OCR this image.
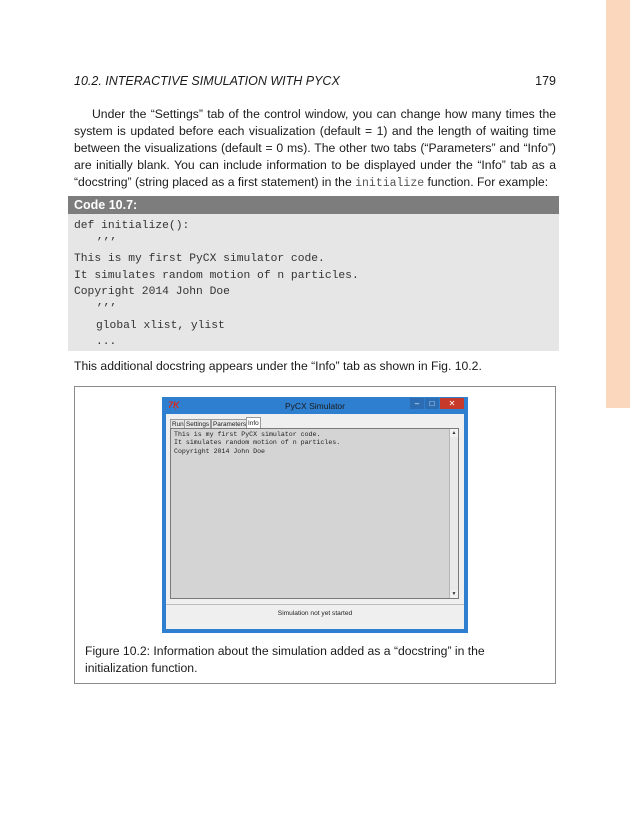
10.2. INTERACTIVE SIMULATION WITH PYCX	179

Under the “Settings” tab of the control window, you can change how many times the system is updated before each visualization (default = 1) and the length of waiting time between the visualizations (default = 0 ms). The other two tabs (“Parameters” and “Info”) are initially blank. You can include information to be displayed under the “Info” tab as a “docstring” (string placed as a first statement) in the initialize function. For example:

Code 10.7:
def initialize():
’’’
This is my first PyCX simulator code.
It simulates random motion of n particles.
Copyright 2014 John Doe
’’’
global xlist, ylist
...

This additional docstring appears under the “Info” tab as shown in Fig. 10.2.

7Ķ	PyCX Simulator	–	□	✕
Run Settings Parameters Info
This is my first PyCX simulator code.
It simulates random motion of n particles.
Copyright 2014 John Doe
▲
▼
Simulation not yet started

Figure 10.2: Information about the simulation added as a “docstring” in the initialization function.
